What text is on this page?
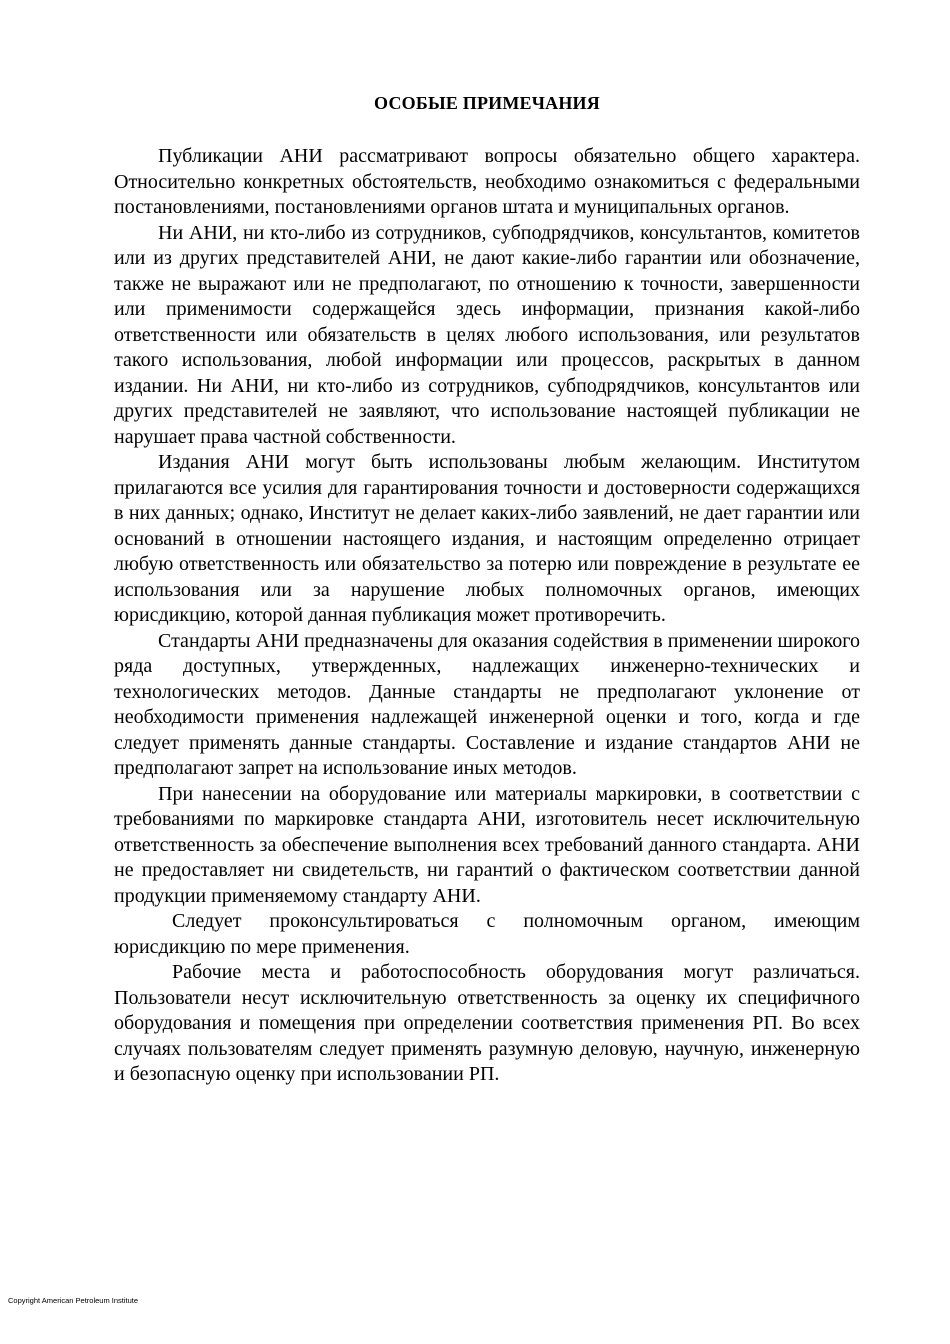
ОСОБЫЕ ПРИМЕЧАНИЯ

Публикации АНИ рассматривают вопросы обязательно общего характера. Относительно конкретных обстоятельств, необходимо ознакомиться с федеральными постановлениями, постановлениями органов штата и муниципальных органов.

Ни АНИ, ни кто-либо из сотрудников, субподрядчиков, консультантов, комитетов или из других представителей АНИ, не дают какие-либо гарантии или обозначение, также не выражают или не предполагают, по отношению к точности, завершенности или применимости содержащейся здесь информации, признания какой-либо ответственности или обязательств в целях любого использования, или результатов такого использования, любой информации или процессов, раскрытых в данном издании. Ни АНИ, ни кто-либо из сотрудников, субподрядчиков, консультантов или других представителей не заявляют, что использование настоящей публикации не нарушает права частной собственности.

Издания АНИ могут быть использованы любым желающим. Институтом прилагаются все усилия для гарантирования точности и достоверности содержащихся в них данных; однако, Институт не делает каких-либо заявлений, не дает гарантии или оснований в отношении настоящего издания, и настоящим определенно отрицает любую ответственность или обязательство за потерю или повреждение в результате ее использования или за нарушение любых полномочных органов, имеющих юрисдикцию, которой данная публикация может противоречить.

Стандарты АНИ предназначены для оказания содействия в применении широкого ряда доступных, утвержденных, надлежащих инженерно-технических и технологических методов. Данные стандарты не предполагают уклонение от необходимости применения надлежащей инженерной оценки и того, когда и где следует применять данные стандарты. Составление и издание стандартов АНИ не предполагают запрет на использование иных методов.

При нанесении на оборудование или материалы маркировки, в соответствии с требованиями по маркировке стандарта АНИ, изготовитель несет исключительную ответственность за обеспечение выполнения всех требований данного стандарта. АНИ не предоставляет ни свидетельств, ни гарантий о фактическом соответствии данной продукции применяемому стандарту АНИ.

Следует проконсультироваться с полномочным органом, имеющим юрисдикцию по мере применения.

Рабочие места и работоспособность оборудования могут различаться. Пользователи несут исключительную ответственность за оценку их специфичного оборудования и помещения при определении соответствия применения РП. Во всех случаях пользователям следует применять разумную деловую, научную, инженерную и безопасную оценку при использовании РП.

Copyright American Petroleum Institute
